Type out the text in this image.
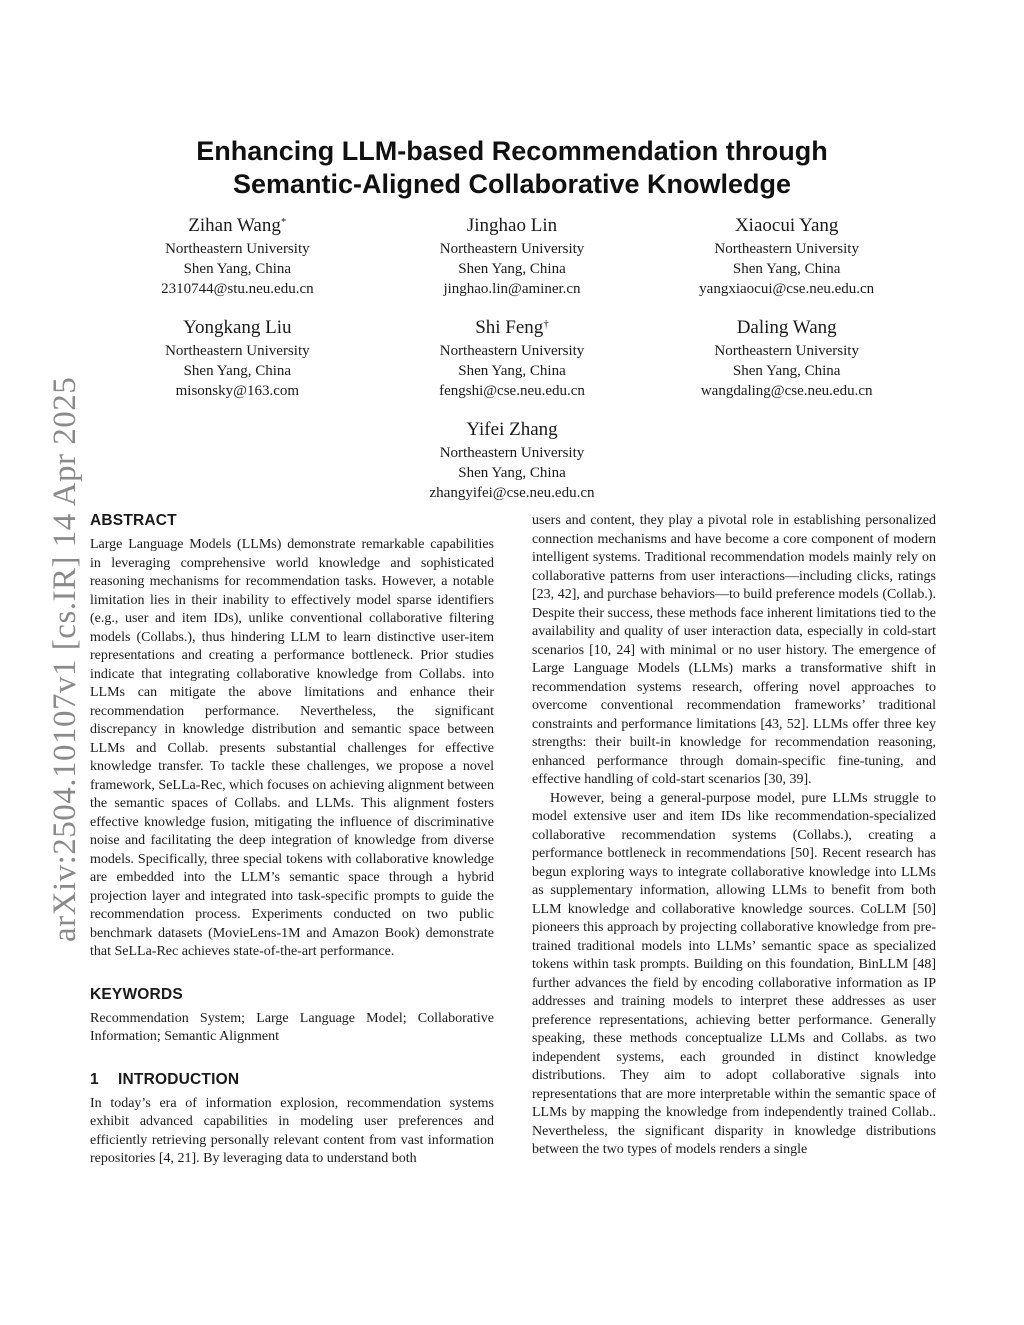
arXiv:2504.10107v1 [cs.IR] 14 Apr 2025
Enhancing LLM-based Recommendation through
Semantic-Aligned Collaborative Knowledge
Zihan Wang*
Northeastern University
Shen Yang, China
2310744@stu.neu.edu.cn
Jinghao Lin
Northeastern University
Shen Yang, China
jinghao.lin@aminer.cn
Xiaocui Yang
Northeastern University
Shen Yang, China
yangxiaocui@cse.neu.edu.cn
Yongkang Liu
Northeastern University
Shen Yang, China
misonsky@163.com
Shi Feng†
Northeastern University
Shen Yang, China
fengshi@cse.neu.edu.cn
Daling Wang
Northeastern University
Shen Yang, China
wangdaling@cse.neu.edu.cn
Yifei Zhang
Northeastern University
Shen Yang, China
zhangyifei@cse.neu.edu.cn
ABSTRACT

Large Language Models (LLMs) demonstrate remarkable capabilities in leveraging comprehensive world knowledge and sophisticated reasoning mechanisms for recommendation tasks. However, a notable limitation lies in their inability to effectively model sparse identifiers (e.g., user and item IDs), unlike conventional collaborative filtering models (Collabs.), thus hindering LLM to learn distinctive user-item representations and creating a performance bottleneck. Prior studies indicate that integrating collaborative knowledge from Collabs. into LLMs can mitigate the above limitations and enhance their recommendation performance. Nevertheless, the significant discrepancy in knowledge distribution and semantic space between LLMs and Collab. presents substantial challenges for effective knowledge transfer. To tackle these challenges, we propose a novel framework, SeLLa-Rec, which focuses on achieving alignment between the semantic spaces of Collabs. and LLMs. This alignment fosters effective knowledge fusion, mitigating the influence of discriminative noise and facilitating the deep integration of knowledge from diverse models. Specifically, three special tokens with collaborative knowledge are embedded into the LLM’s semantic space through a hybrid projection layer and integrated into task-specific prompts to guide the recommendation process. Experiments conducted on two public benchmark datasets (MovieLens-1M and Amazon Book) demonstrate that SeLLa-Rec achieves state-of-the-art performance.

KEYWORDS

Recommendation System; Large Language Model; Collaborative Information; Semantic Alignment

1 INTRODUCTION

In today’s era of information explosion, recommendation systems exhibit advanced capabilities in modeling user preferences and efficiently retrieving personally relevant content from vast information repositories [4, 21]. By leveraging data to understand both

users and content, they play a pivotal role in establishing personalized connection mechanisms and have become a core component of modern intelligent systems. Traditional recommendation models mainly rely on collaborative patterns from user interactions—including clicks, ratings [23, 42], and purchase behaviors—to build preference models (Collab.). Despite their success, these methods face inherent limitations tied to the availability and quality of user interaction data, especially in cold-start scenarios [10, 24] with minimal or no user history. The emergence of Large Language Models (LLMs) marks a transformative shift in recommendation systems research, offering novel approaches to overcome conventional recommendation frameworks’ traditional constraints and performance limitations [43, 52]. LLMs offer three key strengths: their built-in knowledge for recommendation reasoning, enhanced performance through domain-specific fine-tuning, and effective handling of cold-start scenarios [30, 39].

However, being a general-purpose model, pure LLMs struggle to model extensive user and item IDs like recommendation-specialized collaborative recommendation systems (Collabs.), creating a performance bottleneck in recommendations [50]. Recent research has begun exploring ways to integrate collaborative knowledge into LLMs as supplementary information, allowing LLMs to benefit from both LLM knowledge and collaborative knowledge sources. CoLLM [50] pioneers this approach by projecting collaborative knowledge from pre-trained traditional models into LLMs’ semantic space as specialized tokens within task prompts. Building on this foundation, BinLLM [48] further advances the field by encoding collaborative information as IP addresses and training models to interpret these addresses as user preference representations, achieving better performance. Generally speaking, these methods conceptualize LLMs and Collabs. as two independent systems, each grounded in distinct knowledge distributions. They aim to adopt collaborative signals into representations that are more interpretable within the semantic space of LLMs by mapping the knowledge from independently trained Collab.. Nevertheless, the significant disparity in knowledge distributions between the two types of models renders a single
